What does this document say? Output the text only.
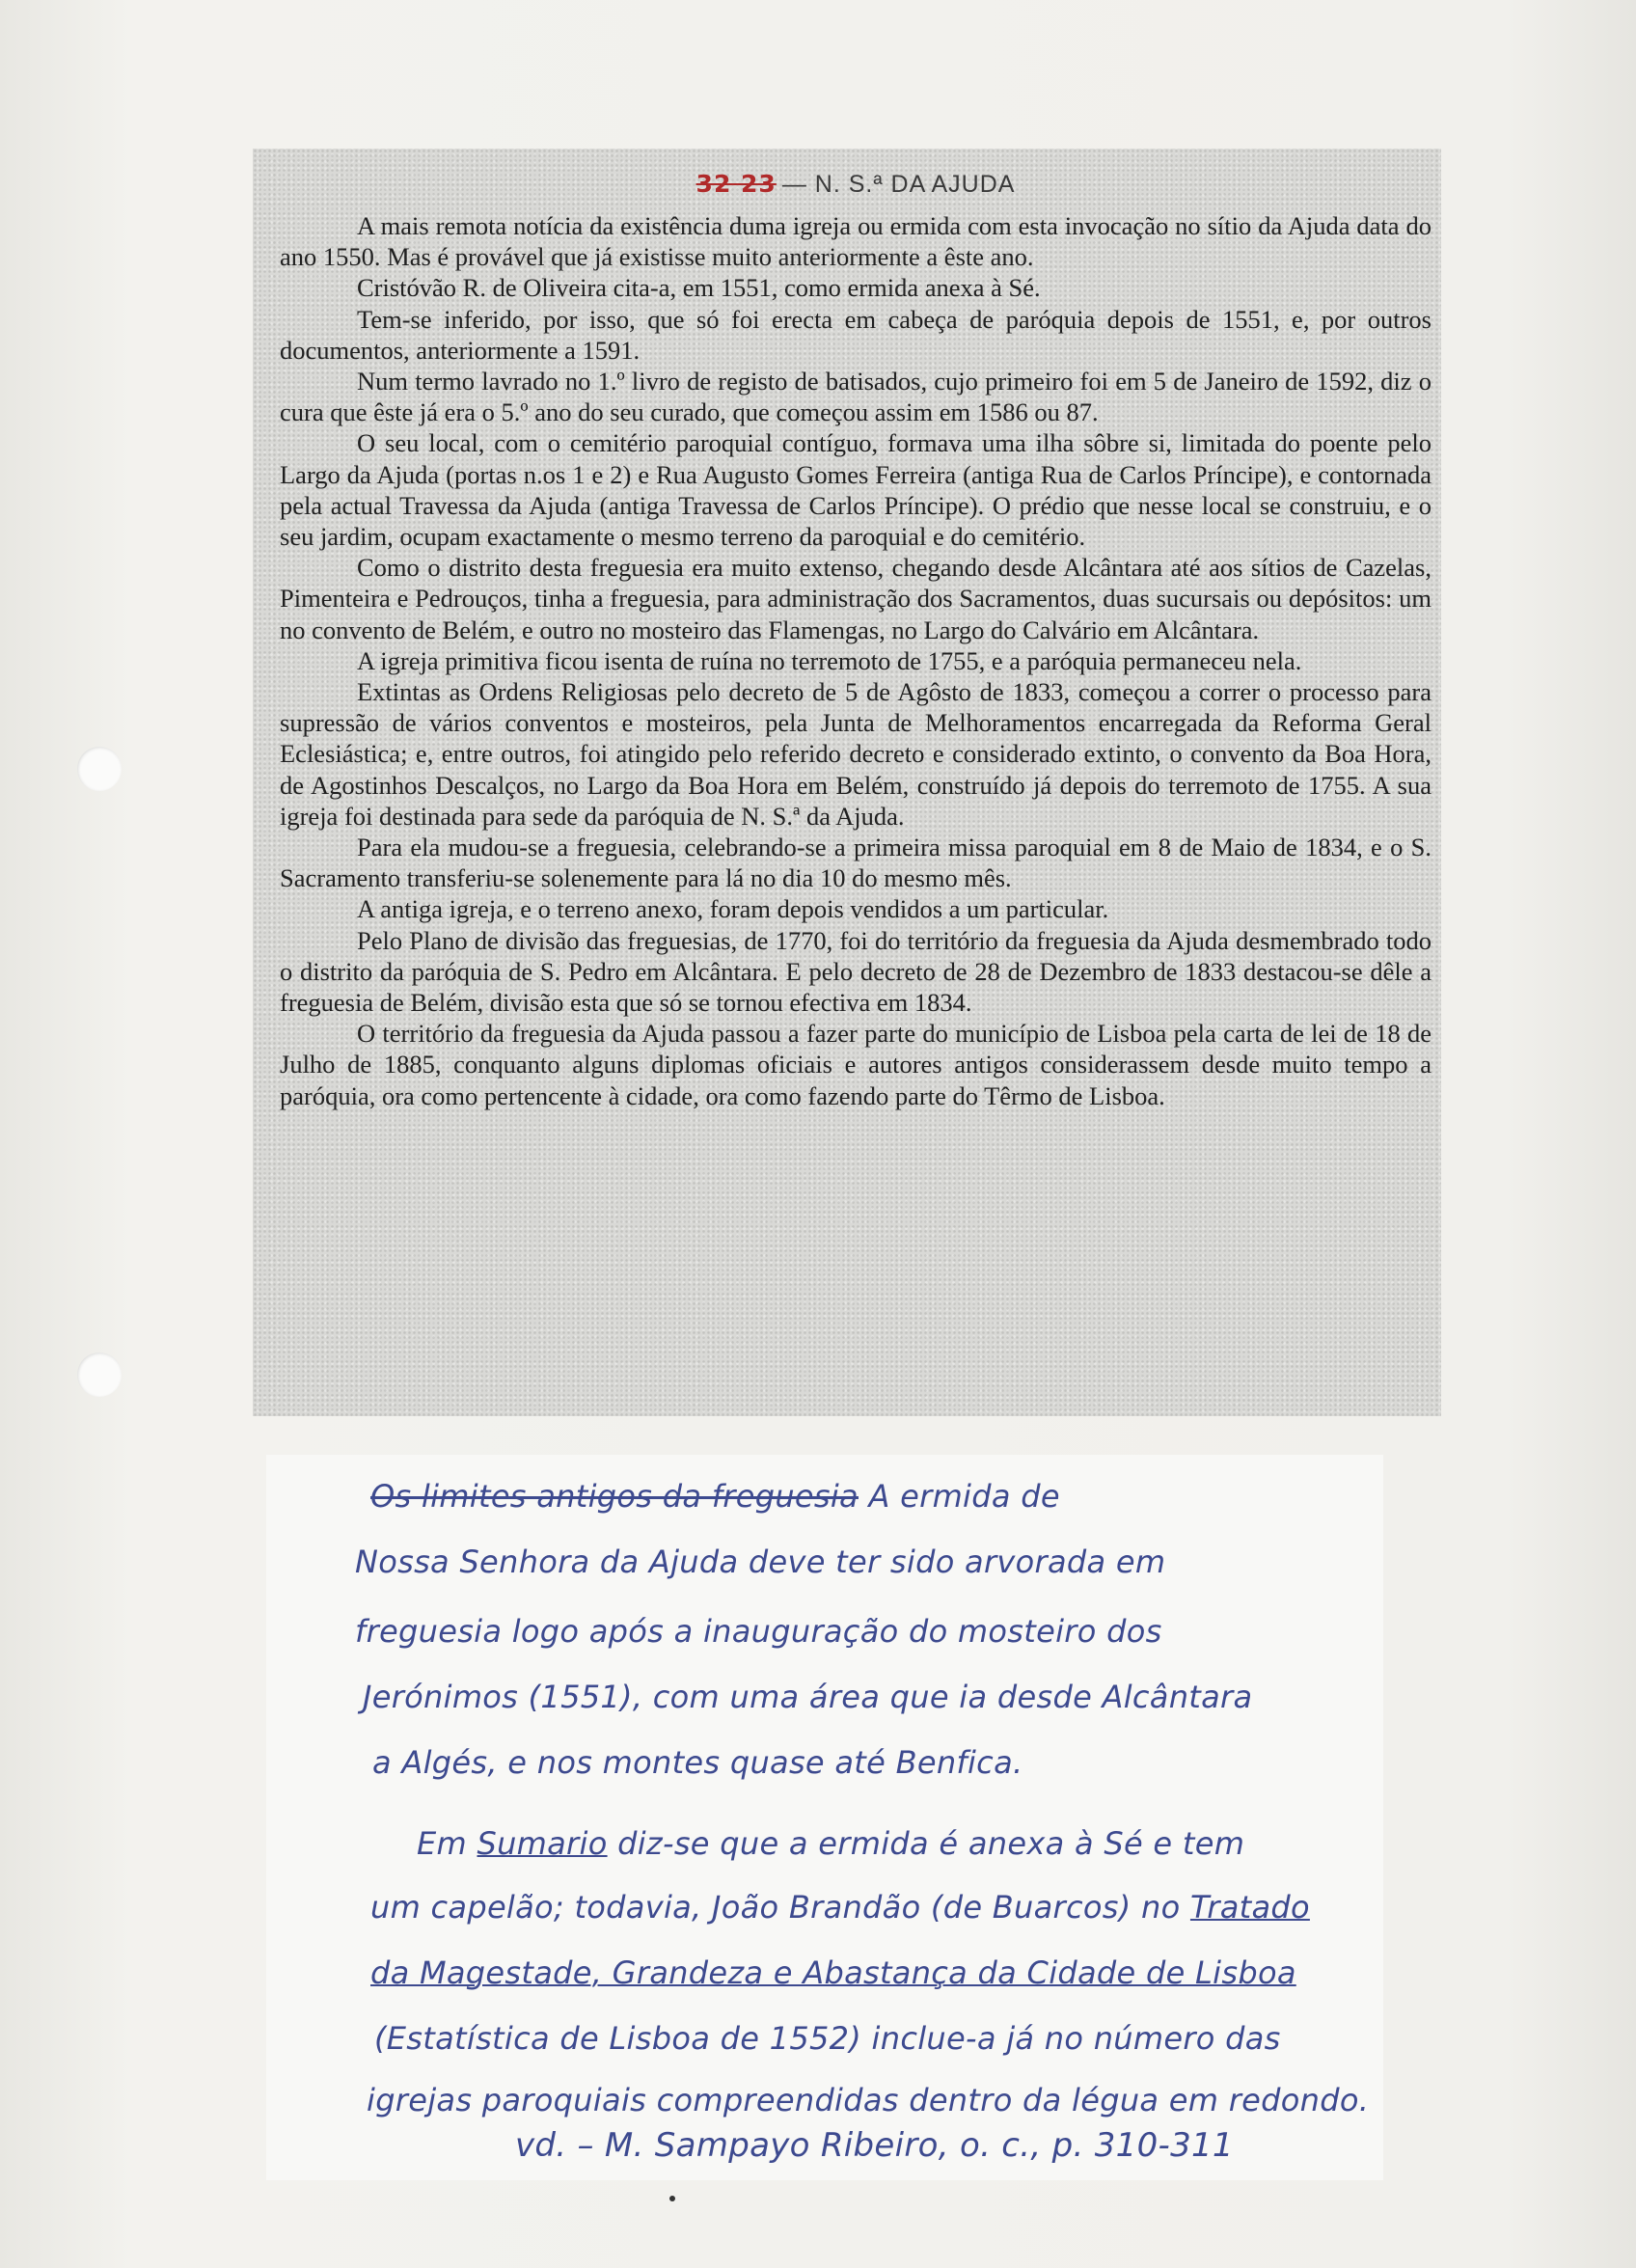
32 23 — N. S.ª DA AJUDA

A mais remota notícia da existência duma igreja ou ermida com esta invocação no sítio da Ajuda data do ano 1550. Mas é provável que já existisse muito anteriormente a êste ano.

Cristóvão R. de Oliveira cita-a, em 1551, como ermida anexa à Sé.

Tem-se inferido, por isso, que só foi erecta em cabeça de paróquia depois de 1551, e, por outros documentos, anteriormente a 1591.

Num termo lavrado no 1.º livro de registo de batisados, cujo primeiro foi em 5 de Janeiro de 1592, diz o cura que êste já era o 5.º ano do seu curado, que começou assim em 1586 ou 87.

O seu local, com o cemitério paroquial contíguo, formava uma ilha sôbre si, limitada do poente pelo Largo da Ajuda (portas n.os 1 e 2) e Rua Augusto Gomes Ferreira (antiga Rua de Carlos Príncipe), e contornada pela actual Travessa da Ajuda (antiga Travessa de Carlos Príncipe). O prédio que nesse local se construiu, e o seu jardim, ocupam exactamente o mesmo terreno da paroquial e do cemitério.

Como o distrito desta freguesia era muito extenso, chegando desde Alcântara até aos sítios de Cazelas, Pimenteira e Pedrouços, tinha a freguesia, para administração dos Sacramentos, duas sucursais ou depósitos: um no convento de Belém, e outro no mosteiro das Flamengas, no Largo do Calvário em Alcântara.

A igreja primitiva ficou isenta de ruína no terremoto de 1755, e a paróquia permaneceu nela.

Extintas as Ordens Religiosas pelo decreto de 5 de Agôsto de 1833, começou a correr o processo para supressão de vários conventos e mosteiros, pela Junta de Melhoramentos encarregada da Reforma Geral Eclesiástica; e, entre outros, foi atingido pelo referido decreto e considerado extinto, o convento da Boa Hora, de Agostinhos Descalços, no Largo da Boa Hora em Belém, construído já depois do terremoto de 1755. A sua igreja foi destinada para sede da paróquia de N. S.ª da Ajuda.

Para ela mudou-se a freguesia, celebrando-se a primeira missa paroquial em 8 de Maio de 1834, e o S. Sacramento transferiu-se solenemente para lá no dia 10 do mesmo mês.

A antiga igreja, e o terreno anexo, foram depois vendidos a um particular.

Pelo Plano de divisão das freguesias, de 1770, foi do território da freguesia da Ajuda desmembrado todo o distrito da paróquia de S. Pedro em Alcântara. E pelo decreto de 28 de Dezembro de 1833 destacou-se dêle a freguesia de Belém, divisão esta que só se tornou efectiva em 1834.

O território da freguesia da Ajuda passou a fazer parte do município de Lisboa pela carta de lei de 18 de Julho de 1885, conquanto alguns diplomas oficiais e autores antigos considerassem desde muito tempo a paróquia, ora como pertencente à cidade, ora como fazendo parte do Têrmo de Lisboa.

Os limites antigos da freguesia A ermida de
Nossa Senhora da Ajuda deve ter sido arvorada em
freguesia logo após a inauguração do mosteiro dos
Jerónimos (1551), com uma área que ia desde Alcântara
a Algés, e nos montes quase até Benfica.
Em Sumario diz-se que a ermida é anexa à Sé e tem
um capelão; todavia, João Brandão (de Buarcos) no Tratado
da Magestade, Grandeza e Abastança da Cidade de Lisboa
(Estatística de Lisboa de 1552) inclue-a já no número das
igrejas paroquiais compreendidas dentro da légua em redondo.
vd. – M. Sampayo Ribeiro, o. c., p. 310-311
